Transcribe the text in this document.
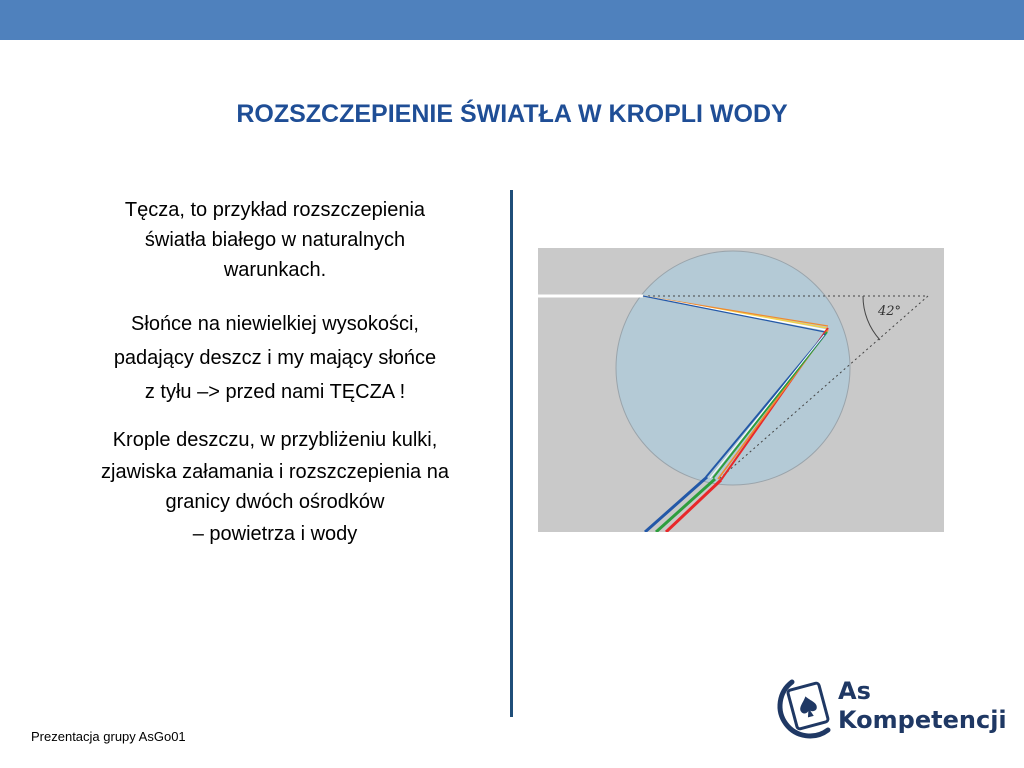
ROZSZCZEPIENIE ŚWIATŁA W KROPLI WODY

Tęcza, to przykład rozszczepienia

światła białego w naturalnych

warunkach.

Słońce na niewielkiej wysokości,

padający deszcz i my mający słońce

z tyłu –> przed nami TĘCZA !

Krople deszczu, w przybliżeniu kulki,

zjawiska załamania i rozszczepienia na

granicy dwóch ośrodków

– powietrza i wody

42°
Prezentacja grupy AsGo01
As
Kompetencji
